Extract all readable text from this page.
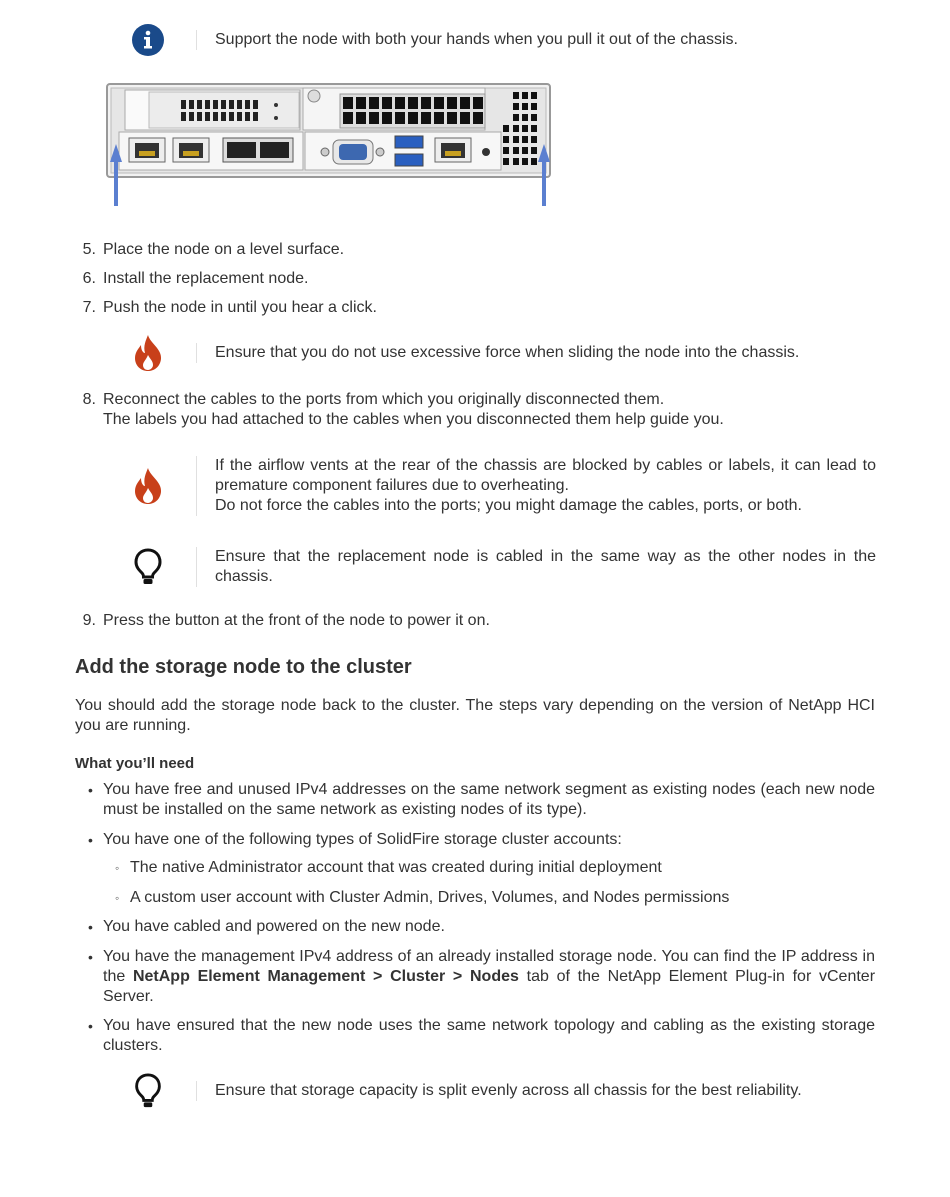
Support the node with both your hands when you pull it out of the chassis.
5. Place the node on a level surface.
6. Install the replacement node.
7. Push the node in until you hear a click.
Ensure that you do not use excessive force when sliding the node into the chassis.
8. Reconnect the cables to the ports from which you originally disconnected them.
The labels you had attached to the cables when you disconnected them help guide you.
If the airflow vents at the rear of the chassis are blocked by cables or labels, it can lead to premature component failures due to overheating.
Do not force the cables into the ports; you might damage the cables, ports, or both.
Ensure that the replacement node is cabled in the same way as the other nodes in the chassis.
9. Press the button at the front of the node to power it on.
Add the storage node to the cluster
You should add the storage node back to the cluster. The steps vary depending on the version of NetApp HCI you are running.
What you’ll need
• You have free and unused IPv4 addresses on the same network segment as existing nodes (each new node must be installed on the same network as existing nodes of its type).
• You have one of the following types of SolidFire storage cluster accounts:
◦ The native Administrator account that was created during initial deployment
◦ A custom user account with Cluster Admin, Drives, Volumes, and Nodes permissions
• You have cabled and powered on the new node.
• You have the management IPv4 address of an already installed storage node. You can find the IP address in the NetApp Element Management > Cluster > Nodes tab of the NetApp Element Plug-in for vCenter Server.
• You have ensured that the new node uses the same network topology and cabling as the existing storage clusters.
Ensure that storage capacity is split evenly across all chassis for the best reliability.
